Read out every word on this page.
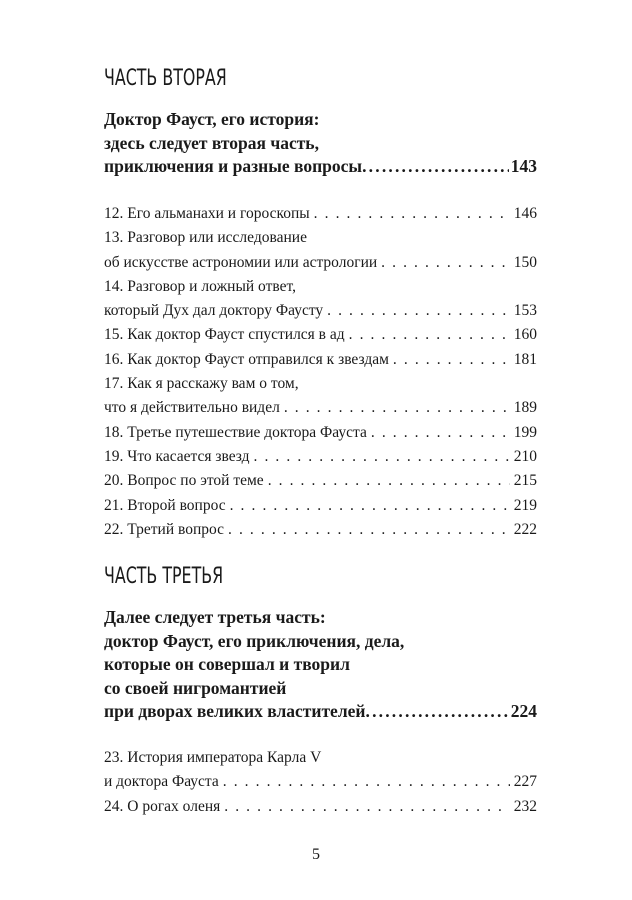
ЧАСТЬ ВТОРАЯ
Доктор Фауст, его история:
здесь следует вторая часть,
приключения и разные вопросы .....	143
12. Его альманахи и гороскопы . . .	146
13. Разговор или исследование
об искусстве астрономии или астрологии . . .	150
14. Разговор и ложный ответ,
который Дух дал доктору Фаусту . . .	153
15. Как доктор Фауст спустился в ад . . .	160
16. Как доктор Фауст отправился к звездам . . .	181
17. Как я расскажу вам о том,
что я действительно видел . . .	189
18. Третье путешествие доктора Фауста . . .	199
19. Что касается звезд . . .	210
20. Вопрос по этой теме . . .	215
21. Второй вопрос . . .	219
22. Третий вопрос . . .	222
ЧАСТЬ ТРЕТЬЯ
Далее следует третья часть:
доктор Фауст, его приключения, дела,
которые он совершал и творил
со своей нигромантией
при дворах великих властителей .....	224
23. История императора Карла V
и доктора Фауста . . .	227
24. О рогах оленя . . .	232
5
